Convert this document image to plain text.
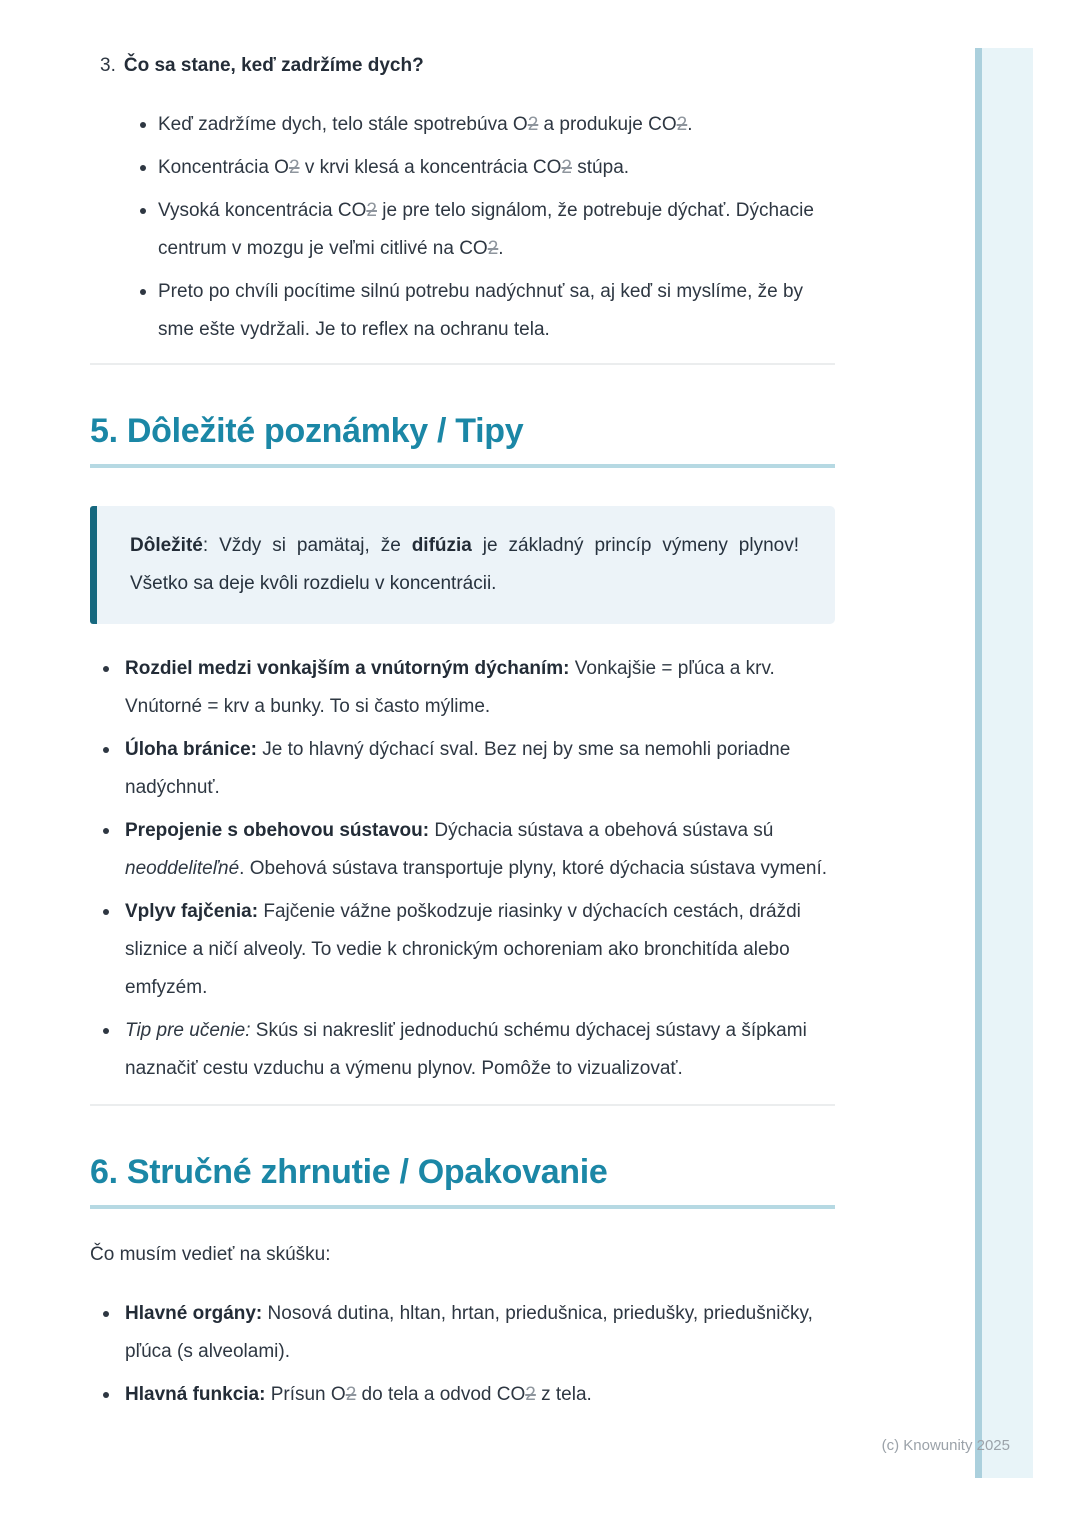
3. Čo sa stane, keď zadržíme dych?
Keď zadržíme dych, telo stále spotrebúva O2 a produkuje CO2.
Koncentrácia O2 v krvi klesá a koncentrácia CO2 stúpa.
Vysoká koncentrácia CO2 je pre telo signálom, že potrebuje dýchať. Dýchacie centrum v mozgu je veľmi citlivé na CO2.
Preto po chvíli pocítime silnú potrebu nadýchnuť sa, aj keď si myslíme, že by sme ešte vydržali. Je to reflex na ochranu tela.
5. Dôležité poznámky / Tipy
Dôležité: Vždy si pamätaj, že difúzia je základný princíp výmeny plynov! Všetko sa deje kvôli rozdielu v koncentrácii.
Rozdiel medzi vonkajším a vnútorným dýchaním: Vonkajšie = pľúca a krv. Vnútorné = krv a bunky. To si často mýlime.
Úloha bránice: Je to hlavný dýchací sval. Bez nej by sme sa nemohli poriadne nadýchnuť.
Prepojenie s obehovou sústavou: Dýchacia sústava a obehová sústava sú neoddeliteľné. Obehová sústava transportuje plyny, ktoré dýchacia sústava vymení.
Vplyv fajčenia: Fajčenie vážne poškodzuje riasinky v dýchacích cestách, dráždi sliznice a ničí alveoly. To vedie k chronickým ochoreniam ako bronchitída alebo emfyzém.
Tip pre učenie: Skús si nakresliť jednoduchú schému dýchacej sústavy a šípkami naznačiť cestu vzduchu a výmenu plynov. Pomôže to vizualizovať.
6. Stručné zhrnutie / Opakovanie

Čo musím vedieť na skúšku:

Hlavné orgány: Nosová dutina, hltan, hrtan, priedušnica, priedušky, priedušničky, pľúca (s alveolami).
Hlavná funkcia: Prísun O2 do tela a odvod CO2 z tela.
(c) Knowunity 2025
